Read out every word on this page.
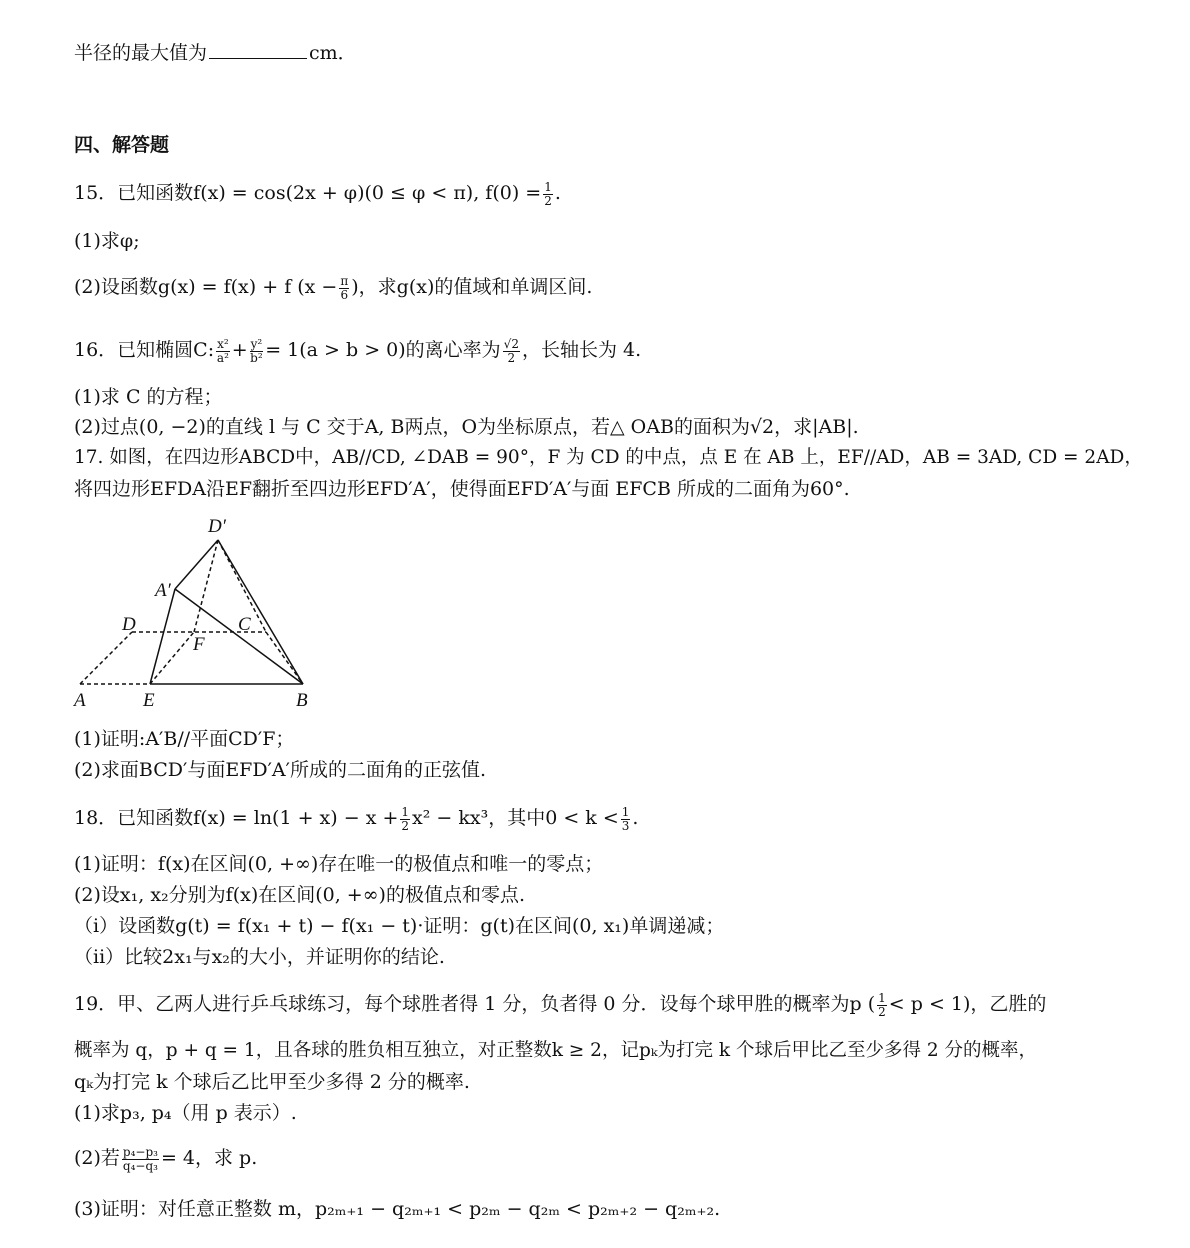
半径的最大值为	cm．
四、解答题
15．已知函数f(x) = cos(2x + φ)(0 ≤ φ < π), $f(0) = \frac{1}{2}$ .
(1)求φ;
(2)设函数g(x) = f(x) + f ($x - \frac{\pi}{6}$ )，求g(x)的值域和单调区间.
16．已知椭圆C: $\frac{\text{x²}}{\text{a²}} + \frac{\text{y²}}{\text{b²}} = 1(a > b > 0)$的离心率为 $\frac{√2}{2}$ ，长轴长为 4.
(1)求 C 的方程；
(2)过点(0, −2)的直线 l 与 C 交于A, B两点，O为坐标原点，若△ OAB的面积为√2，求|AB|.
17. 如图，在四边形ABCD中，AB//CD, ∠DAB = 90°，F 为 CD 的中点，点 E 在 AB 上，EF//AD，AB = 3AD, CD = 2AD，
将四边形EFDA沿EF翻折至四边形EFD′A′，使得面EFD′A′与面 EFCB 所成的二面角为60°.
D′
A′
D	C
F
A	E	B
(1)证明:A′B//平面CD′F；
(2)求面BCD′与面EFD′A′所成的二面角的正弦值.
18．已知函数$f(x) = \ln(1 + x) - x + \frac{1}{2} x^2 - kx^3$，其中$0 < k < \frac{1}{3}$ .
(1)证明：f(x)在区间(0, +∞)存在唯一的极值点和唯一的零点；
(2)设x₁, x₂分别为f(x)在区间(0, +∞)的极值点和零点.
（i）设函数g(t) = f(x₁ + t) − f(x₁ − t)·证明：g(t)在区间(0, x₁)单调递减；
（ii）比较2x₁与x₂的大小，并证明你的结论.
19．甲、乙两人进行乒乓球练习，每个球胜者得 1 分，负者得 0 分．设每个球甲胜的概率为p ( $\frac{1}{2} < p < 1$)，乙胜的
概率为 q，p + q = 1，且各球的胜负相互独立，对正整数k ≥ 2，记pₖ为打完 k 个球后甲比乙至少多得 2 分的概率，
qₖ为打完 k 个球后乙比甲至少多得 2 分的概率.
(1)求p₃, p₄（用 p 表示）.
(2)若 $\frac{\text{p₄−p₃}}{\text{q₄−q₃}} = 4$，求 p.
(3)证明：对任意正整数 m，p₂ₘ₊₁ − q₂ₘ₊₁ < p₂ₘ − q₂ₘ < p₂ₘ₊₂ − q₂ₘ₊₂.
